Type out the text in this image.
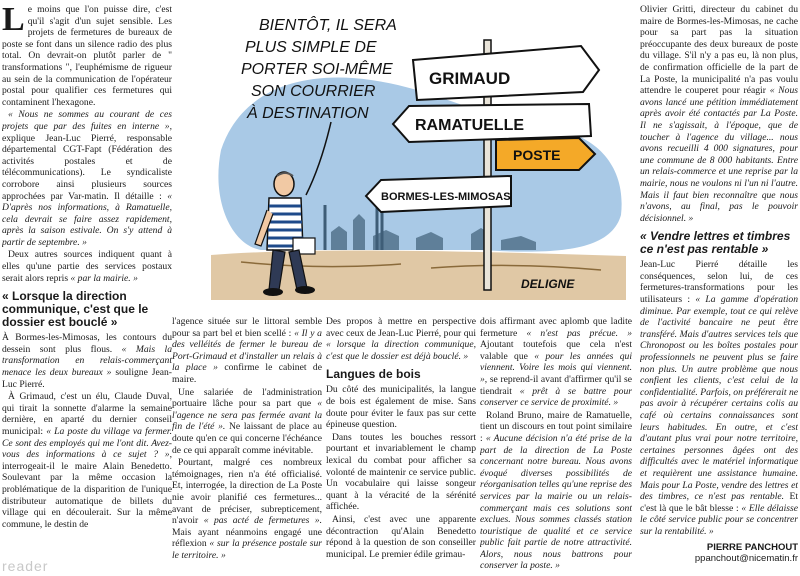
Le moins que l'on puisse dire, c'est qu'il s'agit d'un sujet sensible. Les projets de fermetures de bureaux de poste se font dans un silence radio des plus total. On devrait-on plutôt parler de " transformations ", l'euphémisme de rigueur au sein de la communication de l'opérateur postal pour qualifier ces fermetures qui contaminent l'hexagone.

« Nous ne sommes au courant de ces projets que par des fuites en interne », explique Jean-Luc Pierré, responsable départemental CGT-Fapt (Fédération des activités postales et de télécommunications). Le syndicaliste corrobore ainsi plusieurs sources approchées par Var-matin. Il détaille : « D'après nos informations, à Ramatuelle, cela devrait se faire assez rapidement, après la saison estivale. On s'y attend à partir de septembre. »

Deux autres sources indiquent quant à elles qu'une partie des services postaux serait alors repris « par la mairie. »

« Lorsque la direction communique, c'est que le dossier est bouclé »

À Bormes-les-Mimosas, les contours du dessein sont plus flous. « Mais la transformation en relais-commerçant menace les deux bureaux » souligne Jean-Luc Pierré.

À Grimaud, c'est un élu, Claude Duval, qui tirait la sonnette d'alarme la semaine dernière, en aparté du dernier conseil municipal: « La poste du village va fermer. Ce sont des employés qui me l'ont dit. Avez-vous des informations à ce sujet ? », interrogeait-il le maire Alain Benedetto. Soulevant par la même occasion la problématique de la disparition de l'unique distributeur automatique de billets du village qui en découlerait. Sur la même commune, le destin de

BIENTÔT, IL SERA
PLUS SIMPLE DE
PORTER SOI-MÊME
SON COURRIER
À DESTINATION
GRIMAUD
RAMATUELLE
POSTE
BORMES-LES-MIMOSAS
DELIGNE

l'agence située sur le littoral semble pour sa part bel et bien scellé : « Il y a des velléités de fermer le bureau de Port-Grimaud et d'installer un relais à la place » confirme le cabinet de maire.

Une salariée de l'administration portuaire lâche pour sa part que « l'agence ne sera pas fermée avant la fin de l'été ». Ne laissant de place au doute qu'en ce qui concerne l'échéance de ce qui apparaît comme inévitable.

Pourtant, malgré ces nombreux témoignages, rien n'a été officialisé. Et, interrogée, la direction de La Poste nie avoir planifié ces fermetures... avant de préciser, subrepticement, n'avoir « pas acté de fermetures ». Mais ayant néanmoins engagé une réflexion « sur la présence postale sur le territoire. »

Des propos à mettre en perspective avec ceux de Jean-Luc Pierré, pour qui « lorsque la direction communique, c'est que le dossier est déjà bouclé. »

Langues de bois

Du côté des municipalités, la langue de bois est également de mise. Sans doute pour éviter le faux pas sur cette épineuse question.

Dans toutes les bouches ressort pourtant et invariablement le champ lexical du combat pour afficher sa volonté de maintenir ce service public. Un vocabulaire qui laisse songeur quant à la véracité de la sérénité affichée.

Ainsi, c'est avec une apparente décontraction qu'Alain Benedetto répond à la question de son conseiller municipal. Le premier édile grimau-

dois affirmant avec aplomb que ladite fermeture « n'est pas précue. » Ajoutant toutefois que cela n'est valable que « pour les années qui viennent. Voire les mois qui viennent. », se reprend-il avant d'affirmer qu'il se tiendrait « prêt à se battre pour conserver ce service de proximité. »

Roland Bruno, maire de Ramatuelle, tient un discours en tout point similaire : « Aucune décision n'a été prise de la part de la direction de La Poste concernant notre bureau. Nous avons évoqué diverses possibilités de réorganisation telles qu'une reprise des services par la mairie ou un relais-commerçant mais ces solutions sont exclues. Nous sommes classés station touristique de qualité et ce service public fait partie de notre attractivité. Alors, nous nous battrons pour conserver la poste. »

Olivier Gritti, directeur du cabinet du maire de Bormes-les-Mimosas, ne cache pour sa part pas la situation préoccupante des deux bureaux de poste du village. S'il n'y a pas eu, là non plus, de confirmation officielle de la part de La Poste, la municipalité n'a pas voulu attendre le couperet pour réagir « Nous avons lancé une pétition immédiatement après avoir été contactés par La Poste. Il ne s'agissait, à l'époque, que de toucher à l'agence du village... nous avons recueilli 4 000 signatures, pour une commune de 8 000 habitants. Entre un relais-commerce et une reprise par la mairie, nous ne voulons ni l'un ni l'autre. Mais il faut bien reconnaître que nous n'avons, au final, pas le pouvoir décisionnel. »

« Vendre lettres et timbres ce n'est pas rentable »

Jean-Luc Pierré détaille les conséquences, selon lui, de ces fermetures-transformations pour les utilisateurs : « La gamme d'opération diminue. Par exemple, tout ce qui relève de l'activité bancaire ne peut être transféré. Mais d'autres services tels que Chronopost ou les boîtes postales pour professionnels ne peuvent plus se faire non plus. Un autre problème que nous confient les clients, c'est celui de la confidentialité. Parfois, on préférerait ne pas avoir à récupérer certains colis au café où certains connaissances sont leurs habitudes. En outre, et c'est d'autant plus vrai pour notre territoire, certaines personnes âgées ont des difficultés avec le matériel informatique et requièrent une assistance humaine. Mais pour La Poste, vendre des lettres et des timbres, ce n'est pas rentable. Et c'est là que le bât blesse : « Elle délaisse le côté service public pour se concentrer sur la rentabilité. »

PIERRE PANCHOUT
ppanchout@nicematin.fr
reader
